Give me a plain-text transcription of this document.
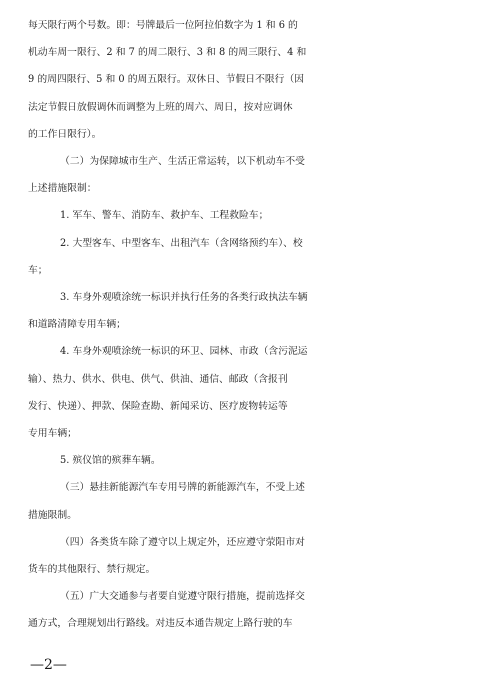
每天限行两个号数。即：号牌最后一位阿拉伯数字为 1 和 6 的
机动车周一限行、2 和 7 的周二限行、3 和 8 的周三限行、4 和
9 的周四限行、5 和 0 的周五限行。双休日、节假日不限行（因
法定节假日放假调休而调整为上班的周六、周日，按对应调休
的工作日限行）。
（二）为保障城市生产、生活正常运转，以下机动车不受
上述措施限制：
1. 军车、警车、消防车、救护车、工程救险车；
2. 大型客车、中型客车、出租汽车（含网络预约车）、校
车；
3. 车身外观喷涂统一标识并执行任务的各类行政执法车辆
和道路清障专用车辆；
4. 车身外观喷涂统一标识的环卫、园林、市政（含污泥运
输）、热力、供水、供电、供气、供油、通信、邮政（含报刊
发行、快递）、押款、保险查勘、新闻采访、医疗废物转运等
专用车辆；
5. 殡仪馆的殡葬车辆。
（三）悬挂新能源汽车专用号牌的新能源汽车，不受上述
措施限制。
（四）各类货车除了遵守以上规定外，还应遵守荥阳市对
货车的其他限行、禁行规定。
（五）广大交通参与者要自觉遵守限行措施，提前选择交
通方式，合理规划出行路线。对违反本通告规定上路行驶的车
—2—
